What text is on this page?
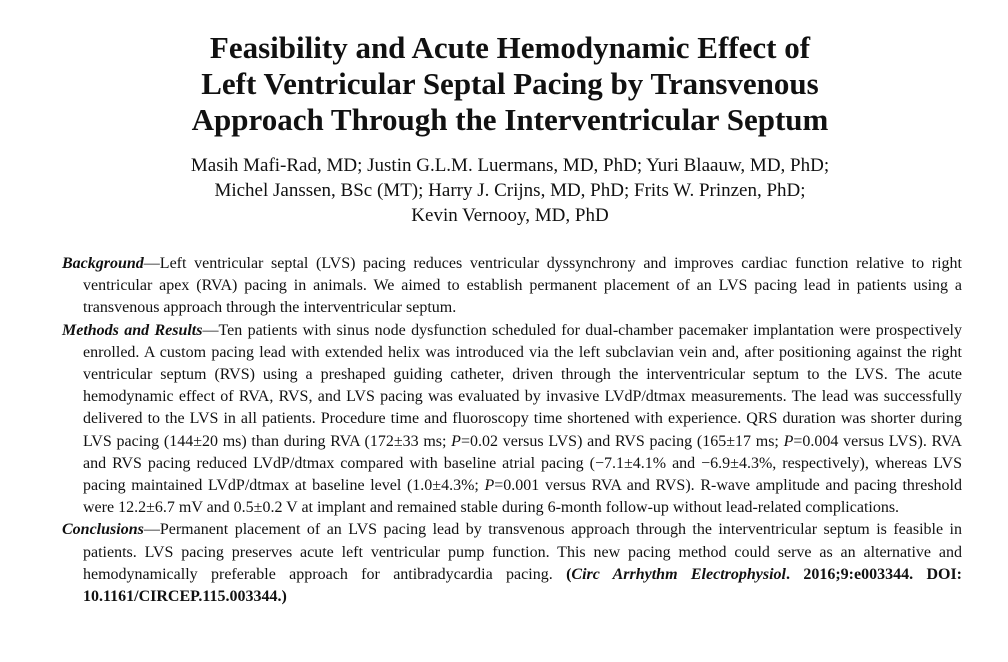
Feasibility and Acute Hemodynamic Effect of
Left Ventricular Septal Pacing by Transvenous
Approach Through the Interventricular Septum
Masih Mafi-Rad, MD; Justin G.L.M. Luermans, MD, PhD; Yuri Blaauw, MD, PhD;
Michel Janssen, BSc (MT); Harry J. Crijns, MD, PhD; Frits W. Prinzen, PhD;
Kevin Vernooy, MD, PhD

Background—Left ventricular septal (LVS) pacing reduces ventricular dyssynchrony and improves cardiac function relative to right ventricular apex (RVA) pacing in animals. We aimed to establish permanent placement of an LVS pacing lead in patients using a transvenous approach through the interventricular septum.

Methods and Results—Ten patients with sinus node dysfunction scheduled for dual-chamber pacemaker implantation were prospectively enrolled. A custom pacing lead with extended helix was introduced via the left subclavian vein and, after positioning against the right ventricular septum (RVS) using a preshaped guiding catheter, driven through the interventricular septum to the LVS. The acute hemodynamic effect of RVA, RVS, and LVS pacing was evaluated by invasive LVdP/dtmax measurements. The lead was successfully delivered to the LVS in all patients. Procedure time and fluoroscopy time shortened with experience. QRS duration was shorter during LVS pacing (144±20 ms) than during RVA (172±33 ms; P=0.02 versus LVS) and RVS pacing (165±17 ms; P=0.004 versus LVS). RVA and RVS pacing reduced LVdP/dtmax compared with baseline atrial pacing (−7.1±4.1% and −6.9±4.3%, respectively), whereas LVS pacing maintained LVdP/dtmax at baseline level (1.0±4.3%; P=0.001 versus RVA and RVS). R-wave amplitude and pacing threshold were 12.2±6.7 mV and 0.5±0.2 V at implant and remained stable during 6-month follow-up without lead-related complications.

Conclusions—Permanent placement of an LVS pacing lead by transvenous approach through the interventricular septum is feasible in patients. LVS pacing preserves acute left ventricular pump function. This new pacing method could serve as an alternative and hemodynamically preferable approach for antibradycardia pacing. (Circ Arrhythm Electrophysiol. 2016;9:e003344. DOI: 10.1161/CIRCEP.115.003344.)
